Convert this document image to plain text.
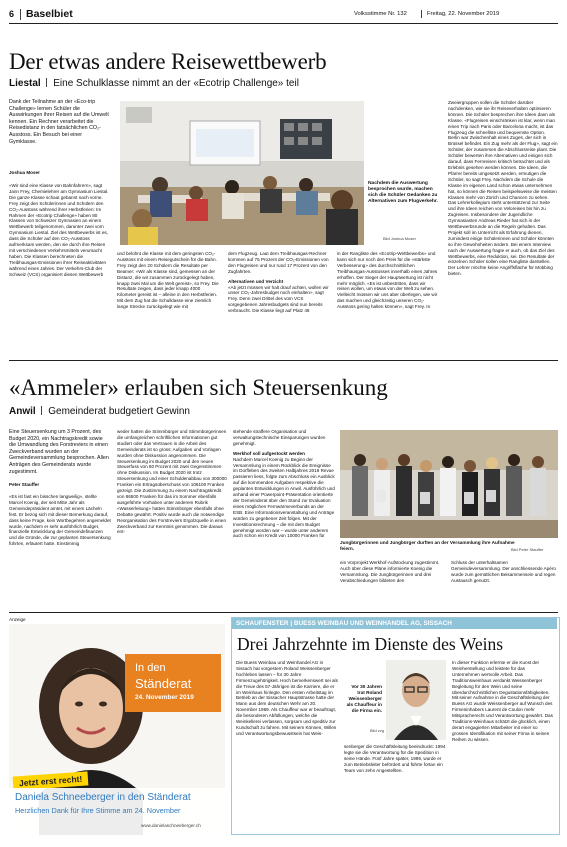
6 Baselbiet	Volksstimme Nr. 132	Freitag, 22. November 2019
Der etwas andere Reisewettbewerb
Liestal Eine Schulklasse nimmt an der «Ecotrip Challenge» teil
Dank der Teilnahme an der «Eco-trip Challenge» lernen Schüler die Auswirkungen ihrer Reisen auf die Umwelt kennen. Ein Rechner verarbeitet die Reisedistanz in den tatsächlichen CO₂-Ausstoss. Ein Besuch bei einer Gymklasse.
Joshua Moser
Nachdem die Auswertung besprochen wurde, machen sich die Schüler Gedanken zu Alternativen zum Flugverkehr.
Bild Joshua Moser
«Wir sind eine Klasse von Bahnfahrern», sagt Jann Frey, Chemielehrer am Gymnasium Liestal. Die ganze Klasse schaut gebannt nach vorne. Frey zeigt den Schülerinnen und Schülern den CO₂-Ausstoss während ihrer Herbstferien: Im Rahmen der «Ecotrip Challenge» haben 80 Klassen von Schweizer Gymnasien an einem Wettbewerb teilgenommen, darunter zwei vom Gymnasium Liestal. Ziel des Wettbewerbs ist es, dass die Schüler auf den CO₂-Ausstoss aufmerksam werden, den sie durch ihre Reisen mit verschiedenen Verkehrsmitteln verursacht haben. Die Klassen berechneten die Treibhausgas-Emissionen ihrer Reiseaktivitäten während eines Jahres. Der Verkehrs-Club der Schweiz (VCS) organisiert diesen Wettbewerb
und belohnt die Klasse mit dem geringsten CO₂-Ausstoss mit einem Reisegutschein für die Bahn. Frey zeigt den 20 Schülern die Resultate per Beamer: «Wir als Klasse sind, gemessen an der Distanz, die wir zusammen zurückgelegt haben, knapp zwei Mal um die Welt gereist», so Frey. Die Resultate zeigen, dass jeder knapp 4000 Kilometer gereist ist – alleine in den Herbstferien. Mit dem Zug hat die Schulklasse eine ziemlich lange Strecke zurückgelegt wie mit
dem Flugzeug. Laut dem Treibhausgas-Rechner kommen auf 75 Prozent der CO₂-Emissionen von den Flugreisen und nur rund 17 Prozent von den Zugfahrten.
Alternativen und Verzicht
«Ab jetzt müssen wir halt drauf achten, wollen wir unser CO₂-Jahresbudget noch einhalten», sagt Frey. Denn zwei Drittel des vom VCS vorgegebenen Jahresbudgets sind nun bereits verbraucht. Die Klasse liegt auf Platz 48
in der Rangliste des «Ecotrip-Wettbewerbs» und kann sich nur noch den Preis für die «stärkste Verbesserung» des durchschnittlichen Treibhausgas-Ausstosses innerhalb eines Jahres erhoffen. Der Sieger der Hauptwertung ist nicht mehr möglich. «Es ist unbestritten, dass wir reisen wollen, um etwas von der Welt zu sehen. Vielleicht müssen wir uns aber überlegen, wie wir das machen und gleichzeitig unseren CO₂-Ausstoss gering halten können», sagt Frey. In
Zweiergruppen sollen die Schüler darüber nachdenken, wie sie ihr Reiseverhalten optimieren können. Die Schüler besprechen ihre Ideen dann als Klasse. «Flugreisen einschränken ist klar, wenn man einen Trip nach Paris oder Barcelona macht, ist das Flugzeug die schnellste und bequemste Option. Berlin war Zwischenhalt eines Zuges, der sich in Brüssel befindet. Ein Zug mehr als der Flug», sagt ein Schüler, der zusammen die Abschlussreise plant. Die Schüler bewerten ihre Alternativen und einigen sich darauf, dass Fernreisen kritisch betrachtet und als Erlebnis gesehen werden können. Die Ideen, die Pfarrer bereits umgesetzt werden, ermutigen die Schüler, so sagt Frey. Nachdem die Schule die Klasse im eigenen Land schon etwas unternehmen hat, so können die Reisen beispielsweise die meisten Klassen mehr von Zürich und Chancen zu sehen. Das Lehrerkollegium steht unterstützend zur Seite und ihre Ideen reichen von Veloreisen bis hin zu Zugreisen. Insbesondere der Jugendliche Gymnasiasten Andreas Rieder hat sich in der Wettbewerbsrunde an die Regeln gehalten. Das Projekt soll im Unterricht als Erfahrung dienen, zumindest einige Schülerinnen und Schüler könnten so ihre Gewohnheiten ändern. Bei einem Interview nach der Auswertung fragte er auch, ob das Ziel des Wettbewerbs, eine Reduktion, sei. Die Resultate der einzelnen Schüler sollen eine Rangliste darstellen. Der Lehrer möchte keine Angriffsfläche für Mobbing bieten.
«Ammeler» erlauben sich Steuersenkung
Anwil Gemeinderat budgetiert Gewinn
Eine Steuersenkung um 3 Prozent, des Budget 2020, ein Nachtragskredit sowie die Umwandlung des Forstreviers in einen Zweckverband wurden an der Gemeindeversammlung besprochen. Allen Anträgen des Gemeinderats wurde zugestimmt.
Peter Stauffer
«Es ist fast ein bisschen langweilig», stellte Marcel Koenig, der seit Mitte Jahr als Gemeindepräsident amtet, mit einem Lächeln fest. Er bezog sich mit dieser Bemerkung darauf, dass keine Frage, kein Wortbegehren angemeldet wurde, nachdem er sehr ausführlich Budget, finanzielle Entwicklung der Gemeindefinanzen und die Gründe, die zur geplanten Steuersenkung führten, erläutert hatte. Einstimmig
weder hatten die Stimmbürger und Stimmbürgerinnen die umfangreichen schriftlichen Informationen gut studiert oder das Vertrauen in die Arbeit des Gemeinderats ist so gross: Aufgaben und Vorlagen wurden ohne Diskussion angenommen. Die Steuersenkung im Budget 2020 und den neuen Steuerfuss von 60 Prozent mit zwei Gegenstimmen ohne Diskussion. Im Budget 2020 ist trotz Steuersenkung und einer Schuldenabbau von 300000 Franken ein Ertragsüberschuss von 106100 Franken gezeigt. Die Zustimmung zu einem Nachtragskredit von 86500 Franken für das im Sommer ebenfalls ausgeführte Vorhaben unter anderem Rubrik «Wasserleitung» hatten Stimmbürger ebenfalls ohne Debatte gewährt. Positiv wurde auch die notwendige Reorganisation des Forstreviers Ergolzquelle in einen Zweckverband zur Kenntnis genommen. Die daraus ent-
stehende straffere Organisation und verwaltungstechnische Einsparungen wurden genehmigt.
Werkhof soll aufgestockt werden
Nachdem Marcel Koenig zu Beginn der Versammlung in einem Rückblick die Ereignisse im Dorfleben des zweiten Halbjahres 2019 Revue passieren liess, folgte zum Abschluss ein Ausblick auf die kommenden Aufgaben respektive die geplanten Entwicklungen in Anwil. Ausführlich und anhand einer Powerpoint-Präsentation orientierte der Gemeinderat über den Stand zur Evaluation eines möglichen Fernwärmeverbunds an der ESB. Eine Informationsveranstaltung und Anträge würden zu gegebener Zeit folgen. Mit der Investitionsrechnung – die mit dem Budget genehmigt worden war – wurde unter anderem auch schon ein Kredit von 10000 Franken für
Jungbürgerinnen und Jungbürger durften an der Versammlung ihre Aufnahme feiern.	Bild Peter Stauffer
ein Vorprojekt Werkhof-Aufstockung zugestimmt. Auch über diese Pläne informierte Koenig die Versammlung. Die Jungbürgerinnen und drei Verabschiedungen bildeten den
Schluss der unterhaltsamen Gemeindeversammlung. Der anschliessende Apéro wurde zum gemütlichen Beisammensein und regen Austausch genutzt.
Anzeige
In den
Ständerat
24. November 2019
Jetzt erst recht!
Daniela Schneeberger in den Ständerat
Herzlichen Dank für Ihre Stimme am 24. November
www.danielaschneeberger.ch
SCHAUFENSTER | BUESS WEINBAU UND WEINHANDEL AG, SISSACH
Drei Jahrzehnte im Dienste des Weins
Die Buess Weinbau und Weinhandel AG in Sissach hat vorgestern Roland Weissenberger hochleben lassen – für 30 Jahre Firmenzugehörigkeit. Hoch bemerkenswert sei als die Treue des 57-Jährigen ist die Karriere, die er im Weinhaus hinlegte. Den ersten Arbeitstag im Betrieb an der Sissacher Hauptstrasse hatte der Mann aus dem deutschen Wehr am 20. November 1989. Als Chauffeur war er beauftragt, die besonderen Abfüllungen, welche die Weinkellerei verlassen, sorgsam und speditiv zur Kundschaft zu fahren. Mit seinem Können, Willen und Verantwortungsbewusstsein hat Weis-
Vor 30 Jahren trat Roland Weissenberger als Chauffeur in die Firma ein.
Bild zvg
senberger die Geschäftsleitung beeindruckt: 1994 legte sie die Verantwortung für die Spedition in seine Hände. Fünf Jahre später, 1999, wurde er zum Betriebsleiter befördert und führte fortan ein Team von zehn Angestellten.
In dieser Funktion erlernte er die Kunst der Weinherstellung und leistete für das Unternehmen wertvolle Arbeit. Das Traditionsweinhaus verdankt Weissenberger Begleitung für den Wein und seine überdurchschnittlichen Degustationsfähigkeiten. Mit seiner Aufnahme in die Geschäftsleitung der Buess AG wurde Weissenberger auf Wunsch des Firmeninhabers Laurent de Coulon mehr Mitspracherecht und Verantwortung gewährt. Das Traditions-Weinhaus schätzt die glücklich, einen derart engagierten Mitarbeiter mit einer so grossen Identifikation mit seiner Firma in seinen Reihen zu wissen.
